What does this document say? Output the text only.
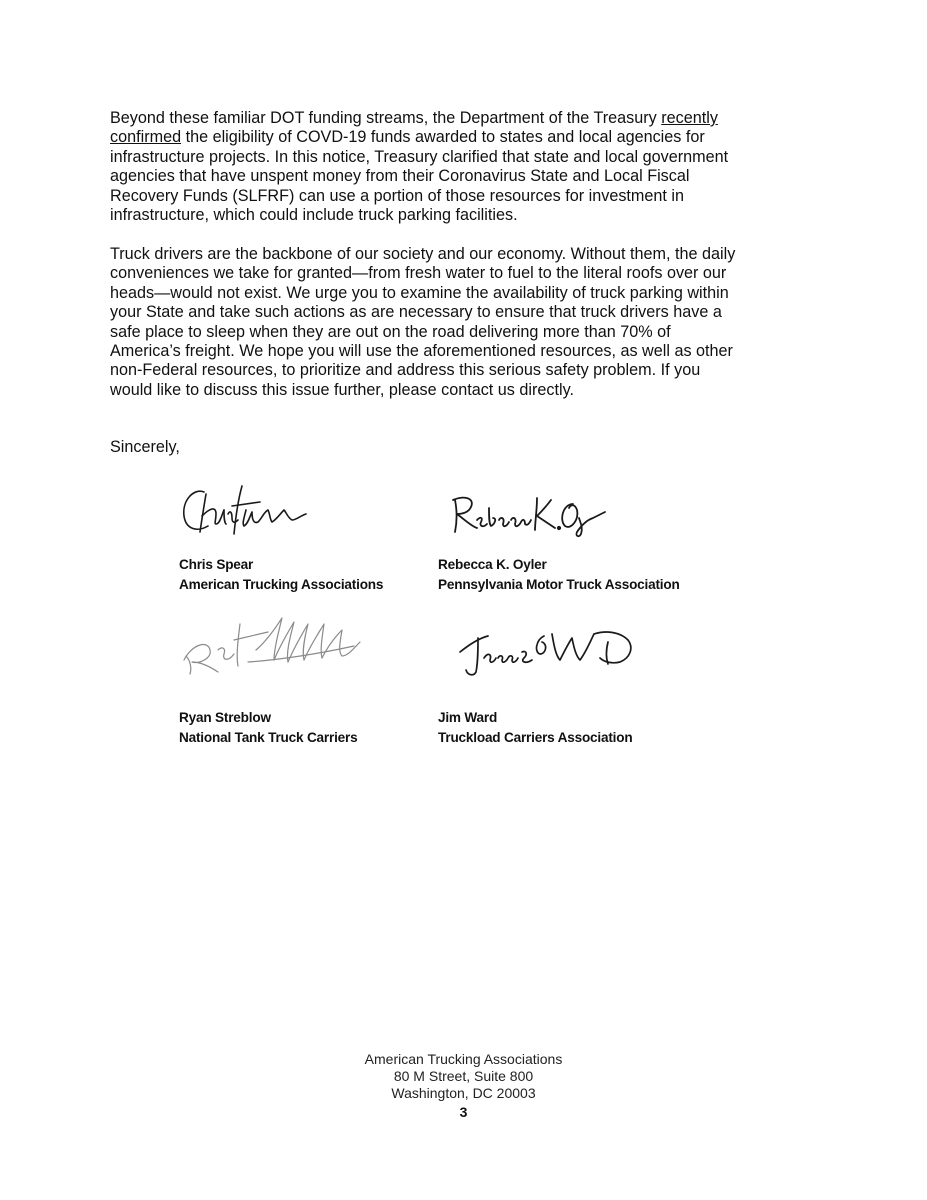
Beyond these familiar DOT funding streams, the Department of the Treasury recently
confirmed the eligibility of COVD-19 funds awarded to states and local agencies for
infrastructure projects. In this notice, Treasury clarified that state and local government
agencies that have unspent money from their Coronavirus State and Local Fiscal
Recovery Funds (SLFRF) can use a portion of those resources for investment in
infrastructure, which could include truck parking facilities.

Truck drivers are the backbone of our society and our economy. Without them, the daily
conveniences we take for granted—from fresh water to fuel to the literal roofs over our
heads—would not exist. We urge you to examine the availability of truck parking within
your State and take such actions as are necessary to ensure that truck drivers have a
safe place to sleep when they are out on the road delivering more than 70% of
America’s freight. We hope you will use the aforementioned resources, as well as other
non-Federal resources, to prioritize and address this serious safety problem. If you
would like to discuss this issue further, please contact us directly.

Sincerely,

Chris Spear
American Trucking Associations
Rebecca K. Oyler
Pennsylvania Motor Truck Association
Ryan Streblow
National Tank Truck Carriers
Jim Ward
Truckload Carriers Association
American Trucking Associations
80 M Street, Suite 800
Washington, DC 20003
3
